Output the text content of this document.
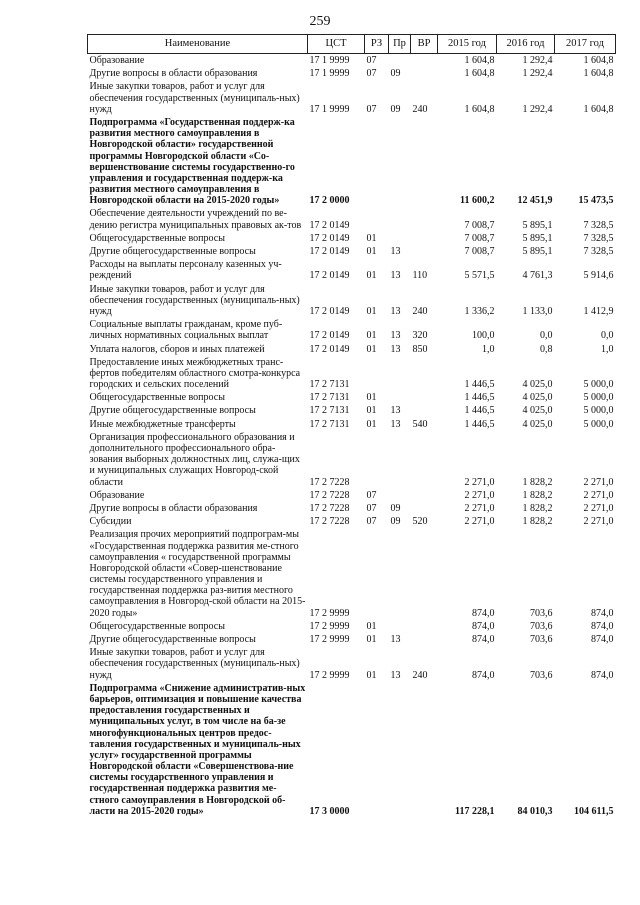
259
Наименование	ЦСТ	РЗ	Пр	ВР	2015 год	2016 год	2017 год
Образование	17 1 9999	07			1 604,8	1 292,4	1 604,8
Другие вопросы в области образования	17 1 9999	07	09		1 604,8	1 292,4	1 604,8
Иные закупки товаров, работ и услуг для обеспечения государственных (муниципаль-ных) нужд	17 1 9999	07	09	240	1 604,8	1 292,4	1 604,8
Подпрограмма «Государственная поддерж-ка развития местного самоуправления в Новгородской области» государственной программы Новгородской области «Со-вершенствование системы государственно-го управления и государственная поддерж-ка развития местного самоуправления в Новгородской области на 2015-2020 годы»	17 2 0000				11 600,2	12 451,9	15 473,5
Обеспечение деятельности учреждений по ве-дению регистра муниципальных правовых ак-тов	17 2 0149				7 008,7	5 895,1	7 328,5
Общегосударственные вопросы	17 2 0149	01			7 008,7	5 895,1	7 328,5
Другие общегосударственные вопросы	17 2 0149	01	13		7 008,7	5 895,1	7 328,5
Расходы на выплаты персоналу казенных уч-реждений	17 2 0149	01	13	110	5 571,5	4 761,3	5 914,6
Иные закупки товаров, работ и услуг для обеспечения государственных (муниципаль-ных) нужд	17 2 0149	01	13	240	1 336,2	1 133,0	1 412,9
Социальные выплаты гражданам, кроме пуб-личных нормативных социальных выплат	17 2 0149	01	13	320	100,0	0,0	0,0
Уплата налогов, сборов и иных платежей	17 2 0149	01	13	850	1,0	0,8	1,0
Предоставление иных межбюджетных транс-фертов победителям областного смотра-конкурса городских и сельских поселений	17 2 7131				1 446,5	4 025,0	5 000,0
Общегосударственные вопросы	17 2 7131	01			1 446,5	4 025,0	5 000,0
Другие общегосударственные вопросы	17 2 7131	01	13		1 446,5	4 025,0	5 000,0
Иные межбюджетные трансферты	17 2 7131	01	13	540	1 446,5	4 025,0	5 000,0
Организация профессионального образования и дополнительного профессионального обра-зования выборных должностных лиц, служа-щих и муниципальных служащих Новгород-ской области	17 2 7228				2 271,0	1 828,2	2 271,0
Образование	17 2 7228	07			2 271,0	1 828,2	2 271,0
Другие вопросы в области образования	17 2 7228	07	09		2 271,0	1 828,2	2 271,0
Субсидии	17 2 7228	07	09	520	2 271,0	1 828,2	2 271,0
Реализация прочих мероприятий подпрограм-мы «Государственная поддержка развития ме-стного самоуправления « государственной программы Новгородской области «Совер-шенствование системы государственного управления и государственная поддержка раз-вития местного самоуправления в Новгород-ской области на 2015-2020 годы»	17 2 9999				874,0	703,6	874,0
Общегосударственные вопросы	17 2 9999	01			874,0	703,6	874,0
Другие общегосударственные вопросы	17 2 9999	01	13		874,0	703,6	874,0
Иные закупки товаров, работ и услуг для обеспечения государственных (муниципаль-ных) нужд	17 2 9999	01	13	240	874,0	703,6	874,0
Подпрограмма «Снижение административ-ных барьеров, оптимизация и повышение качества предоставления государственных и муниципальных услуг, в том числе на ба-зе многофункциональных центров предос-тавления государственных и муниципаль-ных услуг» государственной программы Новгородской области «Совершенствова-ние системы государственного управления и государственная поддержка развития ме-стного самоуправления в Новгородской об-ласти на 2015-2020 годы»	17 3 0000				117 228,1	84 010,3	104 611,5
